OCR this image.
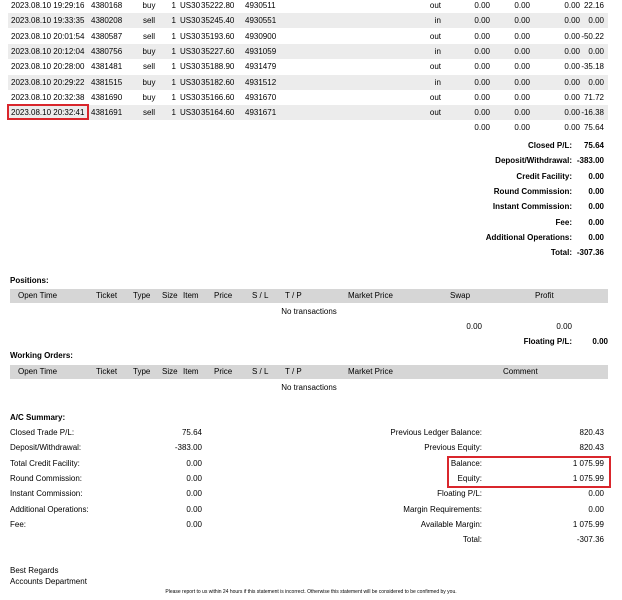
2023.08.10 19:29:16 4380168	buy	1 US30 35222.80	4930511	out	0.00	0.00	0.00 22.16
2023.08.10 19:33:35 4380208	sell	1 US30 35245.40	4930551	in	0.00	0.00	0.00	0.00
2023.08.10 20:01:54 4380587	sell	1 US30 35193.60	4930900	out	0.00	0.00	0.00 -50.22
2023.08.10 20:12:04 4380756	buy	1 US30 35227.60	4931059	in	0.00	0.00	0.00	0.00
2023.08.10 20:28:00 4381481	sell	1 US30 35188.90	4931479	out	0.00	0.00	0.00 -35.18
2023.08.10 20:29:22 4381515	buy	1 US30 35182.60	4931512	in	0.00	0.00	0.00	0.00
2023.08.10 20:32:38 4381690	buy	1 US30 35166.60	4931670	out	0.00	0.00	0.00 71.72
2023.08.10 20:32:41 4381691	sell	1 US30 35164.60	4931671	out	0.00	0.00	0.00 -16.38
0.00	0.00	0.00 75.64
Closed P/L:	75.64
Deposit/Withdrawal: -383.00
Credit Facility:	0.00
Round Commission:	0.00
Instant Commission:	0.00
Fee:	0.00
Additional Operations:	0.00
Total: -307.36
Positions:
Open Time	Ticket Type Size Item Price S / L T / P	Market Price	Swap	Profit
No transactions
0.00	0.00
Floating P/L:	0.00
Working Orders:
Open Time	Ticket Type Size Item Price S / L T / P	Market Price	Comment
No transactions
A/C Summary:
Closed Trade P/L:	75.64
Deposit/Withdrawal:	-383.00
Total Credit Facility:	0.00
Round Commission:	0.00
Instant Commission:	0.00
Additional Operations:	0.00
Fee:	0.00
Previous Ledger Balance:	820.43
Previous Equity:	820.43
Balance:	1 075.99
Equity:	1 075.99
Floating P/L:	0.00
Margin Requirements:	0.00
Available Margin:	1 075.99
Total:	-307.36
Best Regards
Accounts Department
Please report to us within 24 hours if this statement is incorrect. Otherwise this statement will be considered to be confirmed by you.
